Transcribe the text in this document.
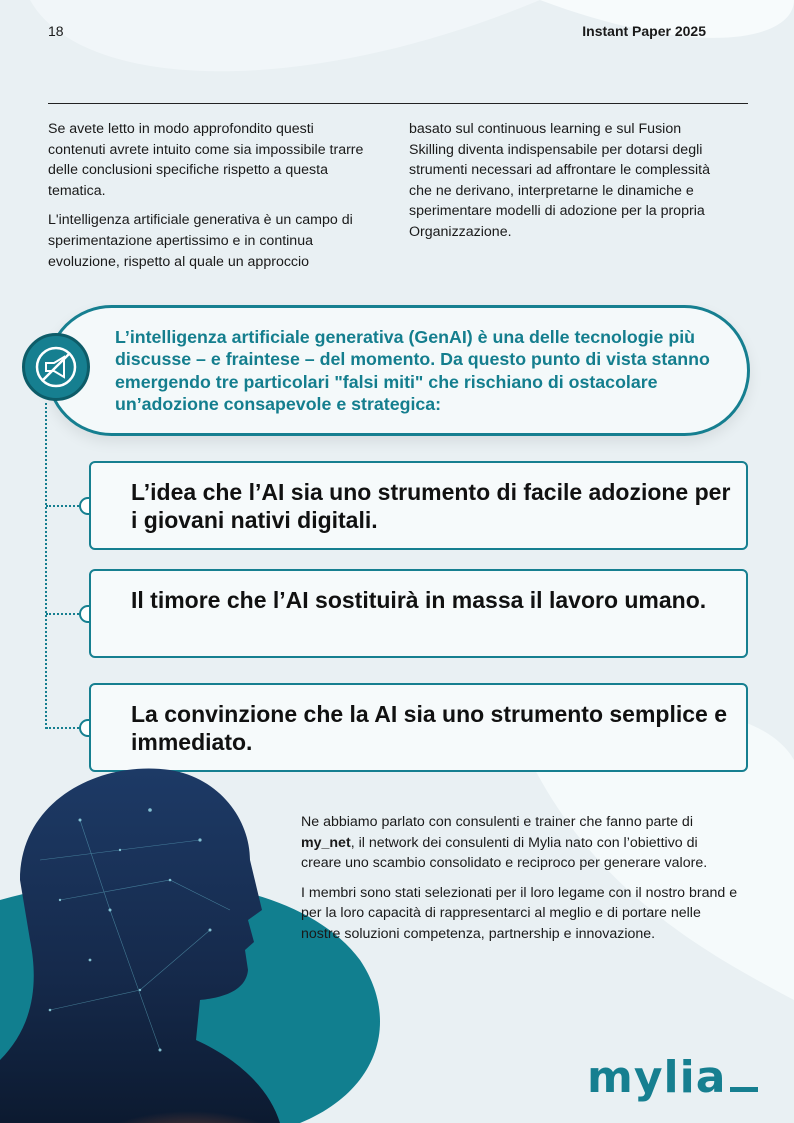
18	Instant Paper 2025

Se avete letto in modo approfondito questi contenuti avrete intuito come sia impossibile trarre delle conclusioni specifiche rispetto a questa tematica.

L'intelligenza artificiale generativa è un campo di sperimentazione apertissimo e in continua evoluzione, rispetto al quale un approccio

basato sul continuous learning e sul Fusion Skilling diventa indispensabile per dotarsi degli strumenti necessari ad affrontare le complessità che ne derivano, interpretarne le dinamiche e sperimentare modelli di adozione per la propria Organizzazione.

L’intelligenza artificiale generativa (GenAI) è una delle tecnologie più discusse – e fraintese – del momento. Da questo punto di vista stanno emergendo tre particolari "falsi miti" che rischiano di ostacolare un’adozione consapevole e strategica:
L’idea che l’AI sia uno strumento di facile adozione per i giovani nativi digitali.
Il timore che l’AI sostituirà in massa il lavoro umano.
La convinzione che la AI sia uno strumento semplice e immediato.

Ne abbiamo parlato con consulenti e trainer che fanno parte di my_net, il network dei consulenti di Mylia nato con l’obiettivo di creare uno scambio consolidato e reciproco per generare valore.

I membri sono stati selezionati per il loro legame con il nostro brand e per la loro capacità di rappresentarci al meglio e di portare nelle nostre soluzioni competenza, partnership e innovazione.

mylia
